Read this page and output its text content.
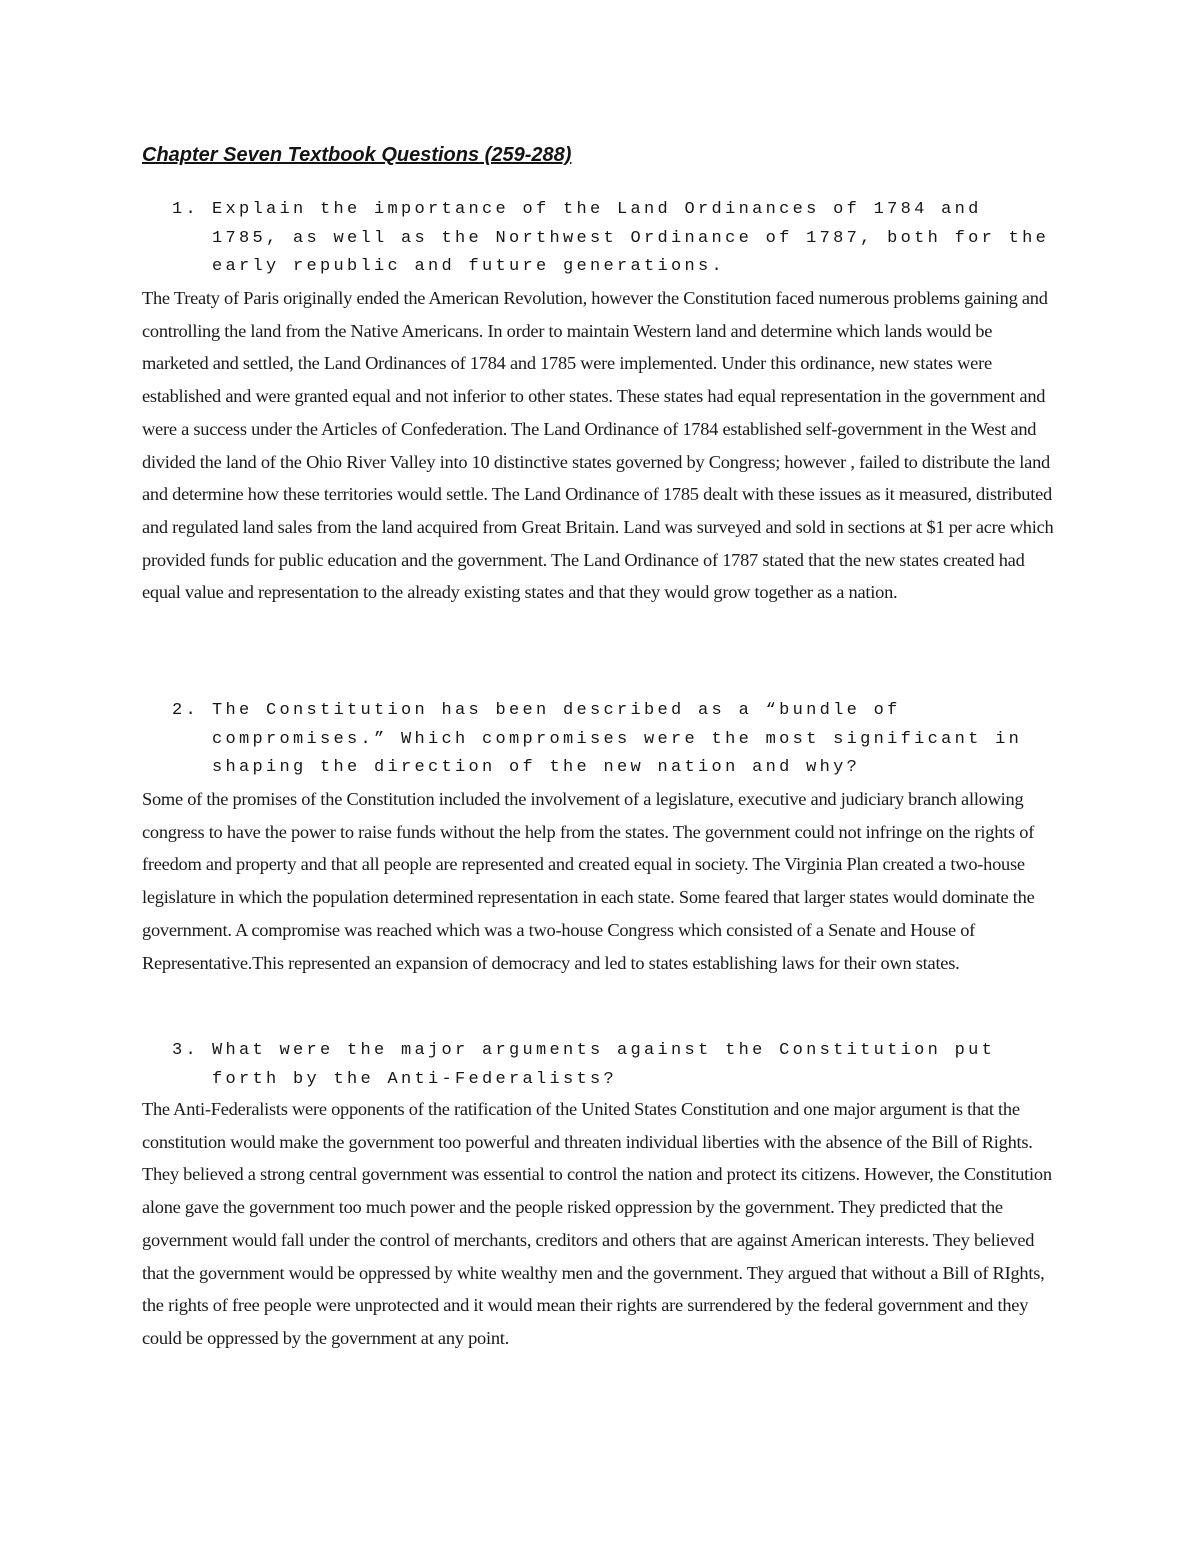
Chapter Seven Textbook Questions (259-288)
1. Explain the importance of the Land Ordinances of 1784 and 1785, as well as the Northwest Ordinance of 1787, both for the early republic and future generations.

The Treaty of Paris originally ended the American Revolution, however the Constitution faced numerous problems gaining and controlling the land from the Native Americans. In order to maintain Western land and determine which lands would be marketed and settled, the Land Ordinances of 1784 and 1785 were implemented. Under this ordinance, new states were established and were granted equal and not inferior to other states. These states had equal representation in the government and were a success under the Articles of Confederation. The Land Ordinance of 1784 established self-government in the West and divided the land of the Ohio River Valley into 10 distinctive states governed by Congress; however , failed to distribute the land and determine how these territories would settle. The Land Ordinance of 1785 dealt with these issues as it measured, distributed and regulated land sales from the land acquired from Great Britain. Land was surveyed and sold in sections at $1 per acre which provided funds for public education and the government. The Land Ordinance of 1787 stated that the new states created had equal value and representation to the already existing states and that they would grow together as a nation.

2. The Constitution has been described as a “bundle of compromises.” Which compromises were the most significant in shaping the direction of the new nation and why?

Some of the promises of the Constitution included the involvement of a legislature, executive and judiciary branch allowing congress to have the power to raise funds without the help from the states. The government could not infringe on the rights of freedom and property and that all people are represented and created equal in society. The Virginia Plan created a two-house legislature in which the population determined representation in each state. Some feared that larger states would dominate the government. A compromise was reached which was a two-house Congress which consisted of a Senate and House of Representative.This represented an expansion of democracy and led to states establishing laws for their own states.

3. What were the major arguments against the Constitution put forth by the Anti-Federalists?

The Anti-Federalists were opponents of the ratification of the United States Constitution and one major argument is that the constitution would make the government too powerful and threaten individual liberties with the absence of the Bill of Rights. They believed a strong central government was essential to control the nation and protect its citizens. However, the Constitution alone gave the government too much power and the people risked oppression by the government. They predicted that the government would fall under the control of merchants, creditors and others that are against American interests. They believed that the government would be oppressed by white wealthy men and the government. They argued that without a Bill of RIghts, the rights of free people were unprotected and it would mean their rights are surrendered by the federal government and they could be oppressed by the government at any point.
